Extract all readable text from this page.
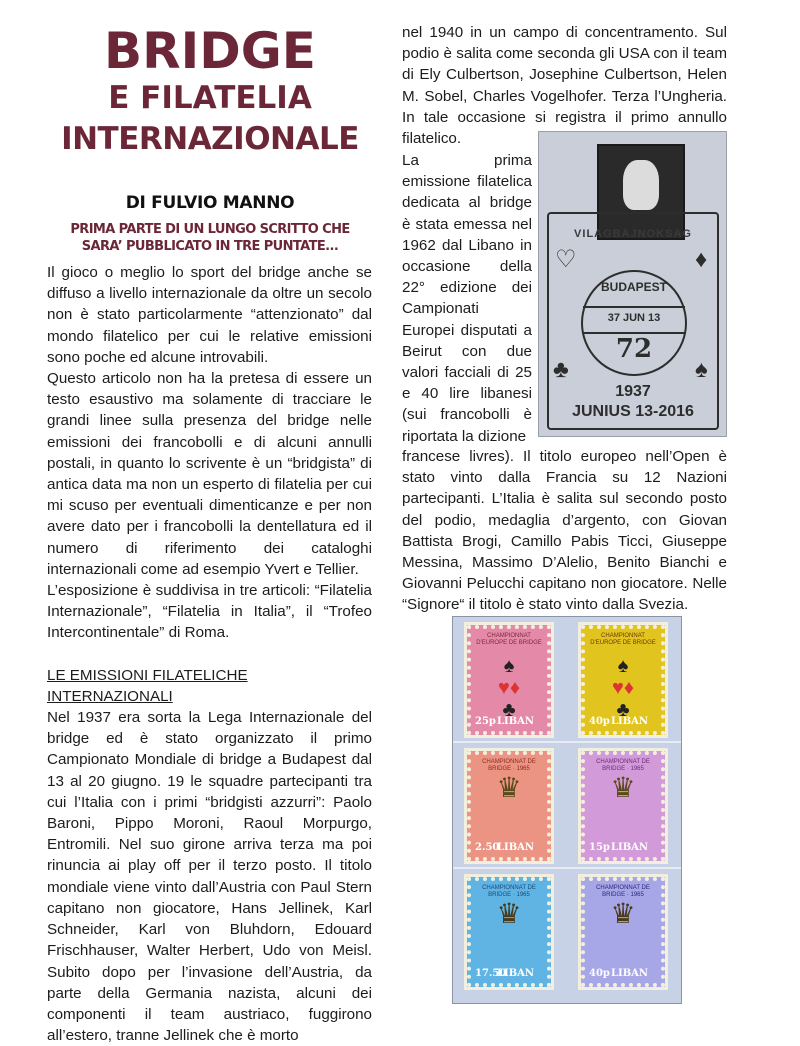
BRIDGE
E FILATELIA
INTERNAZIONALE
DI FULVIO MANNO
PRIMA PARTE DI UN LUNGO SCRITTO CHE
SARA’ PUBBLICATO IN TRE PUNTATE...

Il gioco o meglio lo sport del bridge anche se diffuso a livello internazionale da oltre un secolo non è stato particolarmente “attenzionato” dal mondo filatelico per cui le relative emissioni sono poche ed alcune introvabili.

Questo articolo non ha la pretesa di essere un testo esaustivo ma solamente di tracciare le grandi linee sulla presenza del bridge nelle emissioni dei francobolli e di alcuni annulli postali, in quanto lo scrivente è un “bridgista” di antica data ma non un esperto di filatelia per cui mi scuso per eventuali dimenticanze e per non avere dato per i francobolli la dentellatura ed il numero di riferimento dei cataloghi internazionali come ad esempio Yvert e Tellier.

L’esposizione è suddivisa in tre articoli: “Filatelia Internazionale”, “Filatelia in Italia”, il “Trofeo Intercontinentale” di Roma.

LE EMISSIONI FILATELICHE INTERNAZIONALI

Nel 1937 era sorta la Lega Internazionale del bridge ed è stato organizzato il primo Campionato Mondiale di bridge a Budapest dal 13 al 20 giugno. 19 le squadre partecipanti tra cui l’Italia con i primi “bridgisti azzurri”: Paolo Baroni, Pippo Moroni, Raoul Morpurgo, Entromili. Nel suo girone arriva terza ma poi rinuncia ai play off per il terzo posto. Il titolo mondiale viene vinto dall’Austria con Paul Stern capitano non giocatore, Hans Jellinek, Karl Schneider, Karl von Bluhdorn, Edouard Frischhauser, Walter Herbert, Udo von Meisl. Subito dopo per l’invasione dell’Austria, da parte della Germania nazista, alcuni dei componenti il team austriaco, fuggirono all’estero, tranne Jellinek che è morto

nel 1940 in un campo di concentramento. Sul podio è salita come seconda gli USA con il team di Ely Culbertson, Josephine Culbertson, Helen M. Sobel, Charles Vogelhofer. Terza l’Ungheria. In tale occasione si registra il primo annullo filatelico.

La prima emissione filatelica dedicata al bridge è stata emessa nel 1962 dal Libano in occasione della 22° edizione dei Campionati Europei disputati a Beirut con due valori facciali di 25 e 40 lire libanesi (sui francobolli è riportata la dizione

VILAGBAJNOKSAG
♡	♦
♣	♠
BUDAPEST
37 JUN 13
72
1937
JUNIUS 13-2016

francese livres). Il titolo europeo nell’Open è stato vinto dalla Francia su 12 Nazioni partecipanti. L’Italia è salita sul secondo posto del podio, medaglia d’argento, con Giovan Battista Brogi, Camillo Pabis Ticci, Giuseppe Messina, Massimo D’Alelio, Benito Bianchi e Giovanni Pelucchi capitano non giocatore. Nelle “Signore“ il titolo è stato vinto dalla Svezia.

CHAMPIONNAT D'EUROPE DE BRIDGE
♠
♥♦
♣
25p LIBAN
CHAMPIONNAT D'EUROPE DE BRIDGE
♠
♥♦
♣
40p LIBAN
CHAMPIONNAT DE BRIDGE · 1965
♛
2.50
LIBAN
CHAMPIONNAT DE BRIDGE · 1965
♛
15p LIBAN
CHAMPIONNAT DE BRIDGE · 1965
♛
17.50
LIBAN
CHAMPIONNAT DE BRIDGE · 1965
♛
40p LIBAN
